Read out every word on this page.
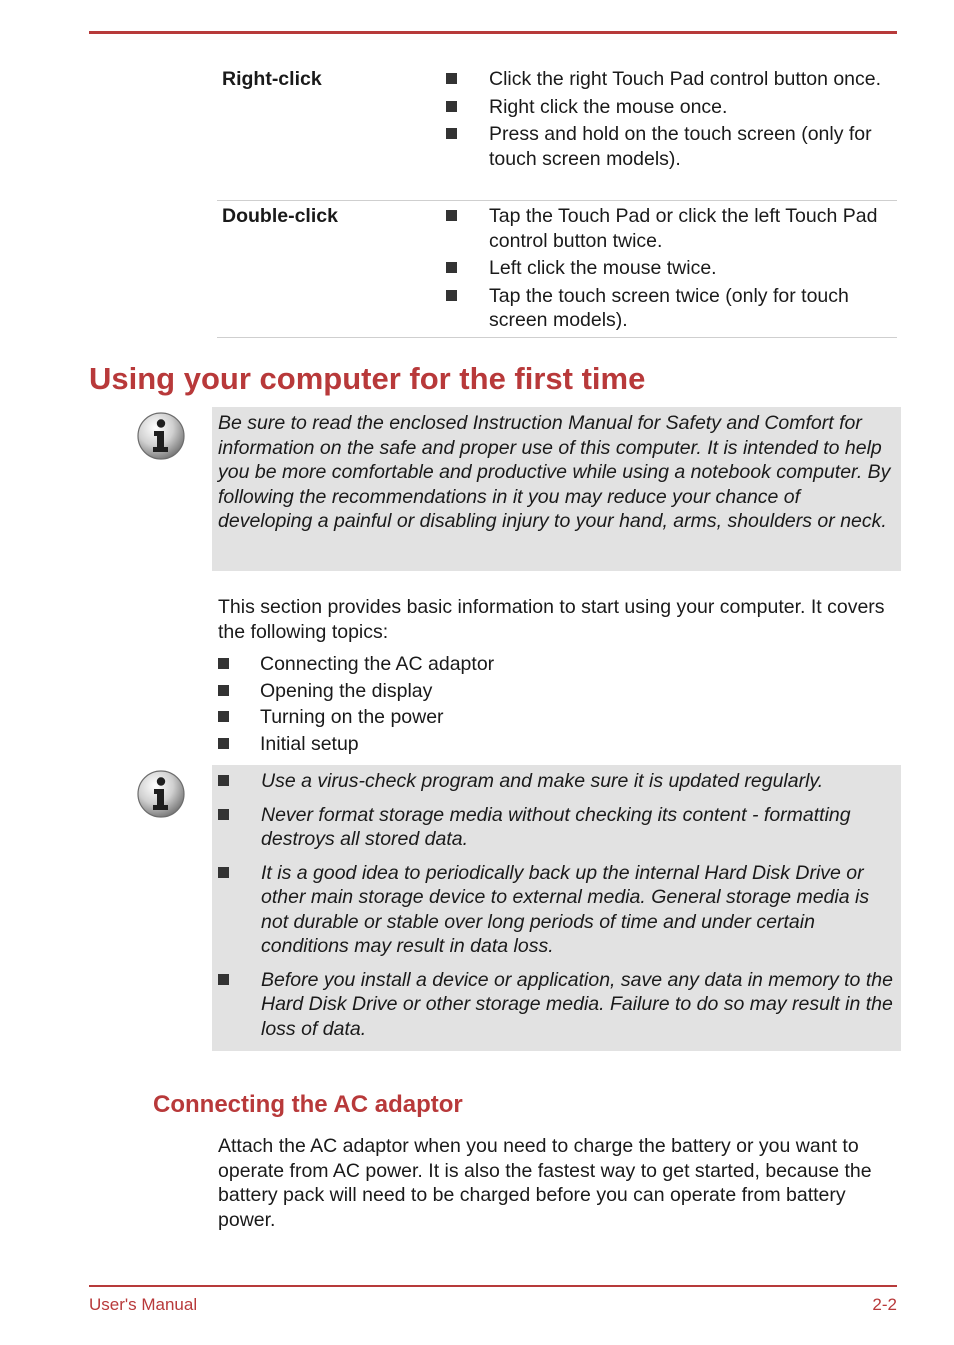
Right-click	Click the right Touch Pad control button once.
Right click the mouse once.
Press and hold on the touch screen (only for touch screen models).
Double-click	Tap the Touch Pad or click the left Touch Pad control button twice.
Left click the mouse twice.
Tap the touch screen twice (only for touch screen models).
Using your computer for the first time

Be sure to read the enclosed Instruction Manual for Safety and Comfort for information on the safe and proper use of this computer. It is intended to help you be more comfortable and productive while using a notebook computer. By following the recommendations in it you may reduce your chance of developing a painful or disabling injury to your hand, arms, shoulders or neck.

This section provides basic information to start using your computer. It covers the following topics:

Connecting the AC adaptor
Opening the display
Turning on the power
Initial setup
Use a virus-check program and make sure it is updated regularly.
Never format storage media without checking its content - formatting destroys all stored data.
It is a good idea to periodically back up the internal Hard Disk Drive or other main storage device to external media. General storage media is not durable or stable over long periods of time and under certain conditions may result in data loss.
Before you install a device or application, save any data in memory to the Hard Disk Drive or other storage media. Failure to do so may result in the loss of data.
Connecting the AC adaptor

Attach the AC adaptor when you need to charge the battery or you want to operate from AC power. It is also the fastest way to get started, because the battery pack will need to be charged before you can operate from battery power.

User's Manual	2-2
